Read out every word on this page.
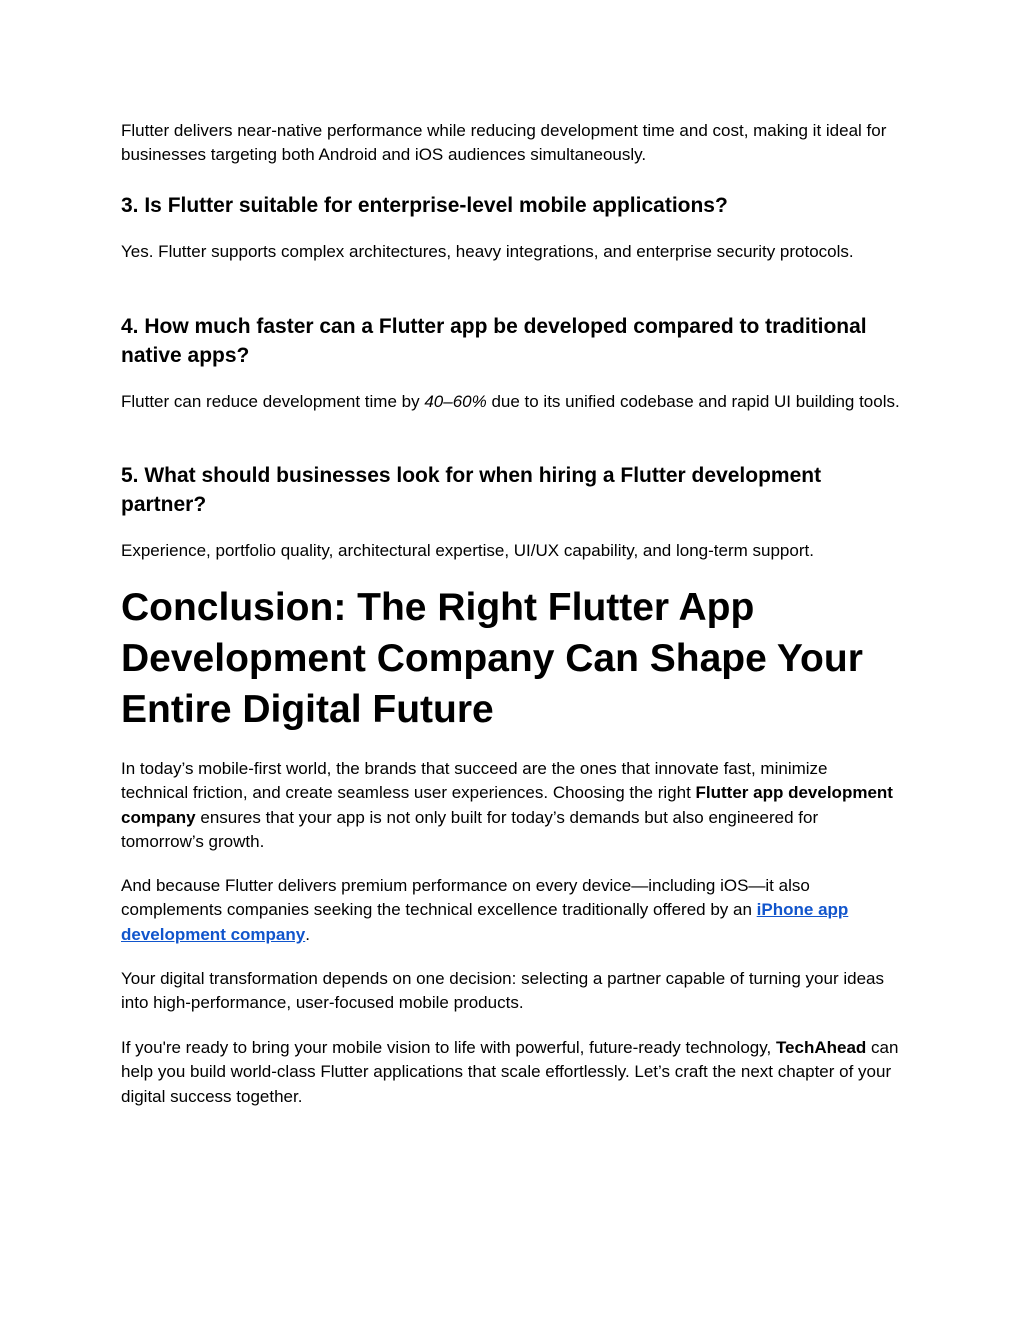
Flutter delivers near-native performance while reducing development time and cost, making it ideal for businesses targeting both Android and iOS audiences simultaneously.

3. Is Flutter suitable for enterprise-level mobile applications?

Yes. Flutter supports complex architectures, heavy integrations, and enterprise security protocols.

4. How much faster can a Flutter app be developed compared to traditional native apps?

Flutter can reduce development time by 40–60% due to its unified codebase and rapid UI building tools.

5. What should businesses look for when hiring a Flutter development partner?

Experience, portfolio quality, architectural expertise, UI/UX capability, and long-term support.

Conclusion: The Right Flutter App Development Company Can Shape Your Entire Digital Future

In today’s mobile-first world, the brands that succeed are the ones that innovate fast, minimize technical friction, and create seamless user experiences. Choosing the right Flutter app development company ensures that your app is not only built for today’s demands but also engineered for tomorrow’s growth.

And because Flutter delivers premium performance on every device—including iOS—it also complements companies seeking the technical excellence traditionally offered by an iPhone app development company.

Your digital transformation depends on one decision: selecting a partner capable of turning your ideas into high-performance, user-focused mobile products.

If you're ready to bring your mobile vision to life with powerful, future-ready technology, TechAhead can help you build world-class Flutter applications that scale effortlessly. Let’s craft the next chapter of your digital success together.
